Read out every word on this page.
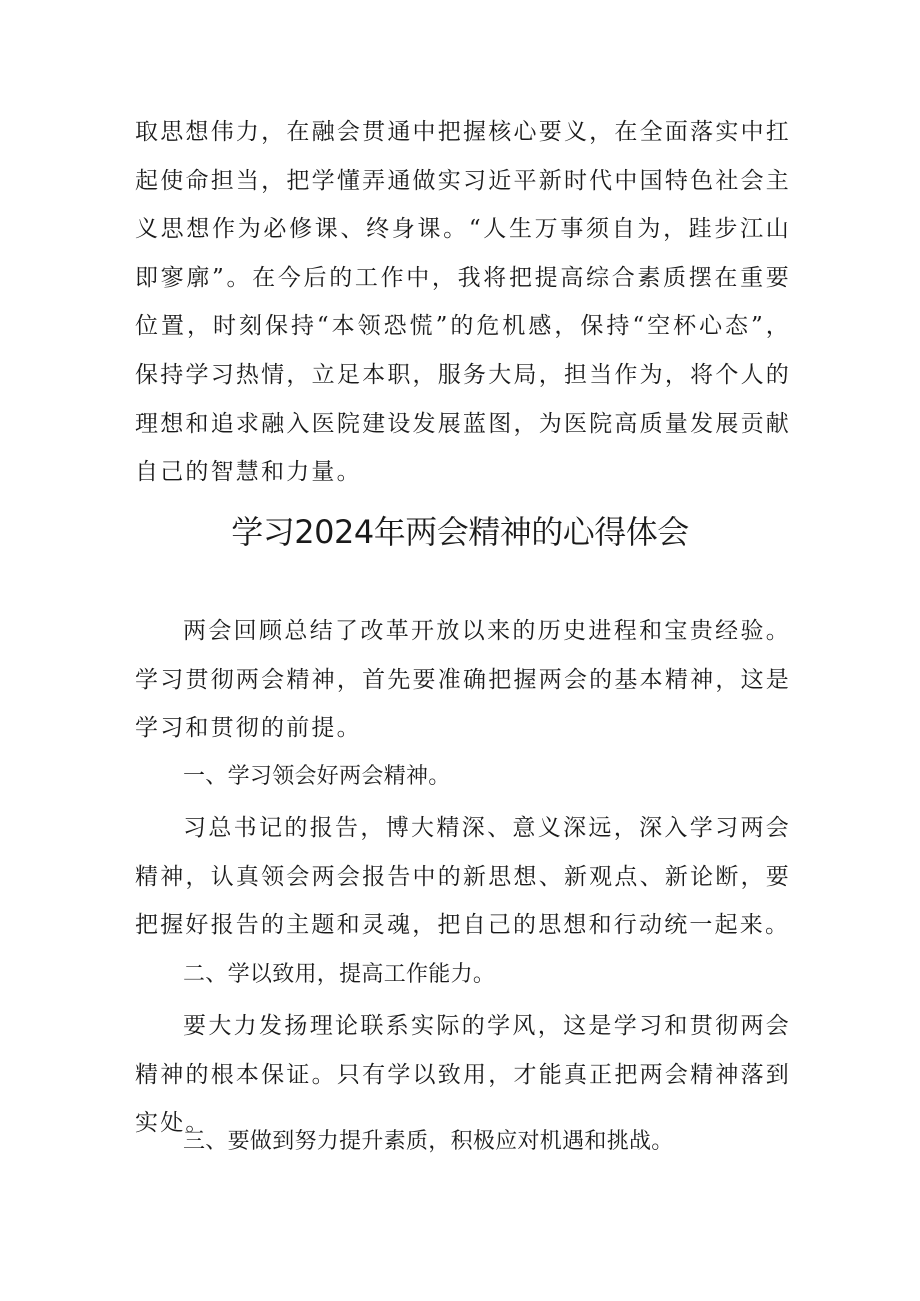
取思想伟力，在融会贯通中把握核心要义，在全面落实中扛起使命担当，把学懂弄通做实习近平新时代中国特色社会主义思想作为必修课、终身课。“人生万事须自为，跬步江山即寥廓”。在今后的工作中，我将把提高综合素质摆在重要位置，时刻保持“本领恐慌”的危机感，保持“空杯心态”，保持学习热情，立足本职，服务大局，担当作为，将个人的理想和追求融入医院建设发展蓝图，为医院高质量发展贡献自己的智慧和力量。

学习2024年两会精神的心得体会

两会回顾总结了改革开放以来的历史进程和宝贵经验。学习贯彻两会精神，首先要准确把握两会的基本精神，这是学习和贯彻的前提。

一、学习领会好两会精神。

习总书记的报告，博大精深、意义深远，深入学习两会精神，认真领会两会报告中的新思想、新观点、新论断，要把握好报告的主题和灵魂，把自己的思想和行动统一起来。

二、学以致用，提高工作能力。

要大力发扬理论联系实际的学风，这是学习和贯彻两会精神的根本保证。只有学以致用，才能真正把两会精神落到实处。

三、要做到努力提升素质，积极应对机遇和挑战。
